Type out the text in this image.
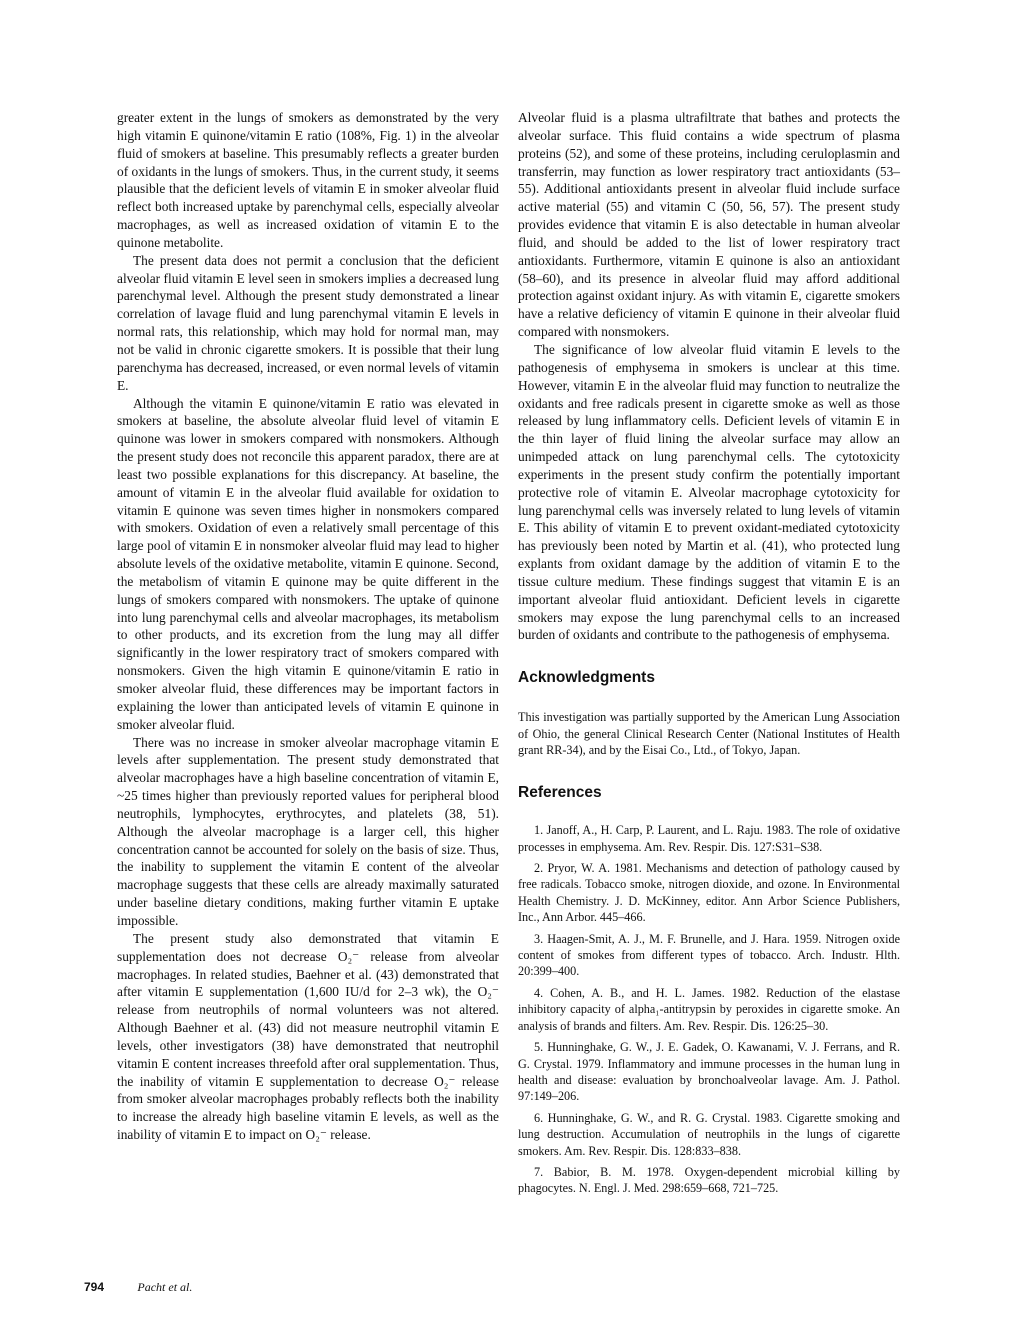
greater extent in the lungs of smokers as demonstrated by the very high vitamin E quinone/vitamin E ratio (108%, Fig. 1) in the alveolar fluid of smokers at baseline. This presumably reflects a greater burden of oxidants in the lungs of smokers. Thus, in the current study, it seems plausible that the deficient levels of vitamin E in smoker alveolar fluid reflect both increased uptake by parenchymal cells, especially alveolar macrophages, as well as increased oxidation of vitamin E to the quinone metabolite.

The present data does not permit a conclusion that the deficient alveolar fluid vitamin E level seen in smokers implies a decreased lung parenchymal level. Although the present study demonstrated a linear correlation of lavage fluid and lung parenchymal vitamin E levels in normal rats, this relationship, which may hold for normal man, may not be valid in chronic cigarette smokers. It is possible that their lung parenchyma has decreased, increased, or even normal levels of vitamin E.

Although the vitamin E quinone/vitamin E ratio was elevated in smokers at baseline, the absolute alveolar fluid level of vitamin E quinone was lower in smokers compared with nonsmokers. Although the present study does not reconcile this apparent paradox, there are at least two possible explanations for this discrepancy. At baseline, the amount of vitamin E in the alveolar fluid available for oxidation to vitamin E quinone was seven times higher in nonsmokers compared with smokers. Oxidation of even a relatively small percentage of this large pool of vitamin E in nonsmoker alveolar fluid may lead to higher absolute levels of the oxidative metabolite, vitamin E quinone. Second, the metabolism of vitamin E quinone may be quite different in the lungs of smokers compared with nonsmokers. The uptake of quinone into lung parenchymal cells and alveolar macrophages, its metabolism to other products, and its excretion from the lung may all differ significantly in the lower respiratory tract of smokers compared with nonsmokers. Given the high vitamin E quinone/vitamin E ratio in smoker alveolar fluid, these differences may be important factors in explaining the lower than anticipated levels of vitamin E quinone in smoker alveolar fluid.

There was no increase in smoker alveolar macrophage vitamin E levels after supplementation. The present study demonstrated that alveolar macrophages have a high baseline concentration of vitamin E, ~25 times higher than previously reported values for peripheral blood neutrophils, lymphocytes, erythrocytes, and platelets (38, 51). Although the alveolar macrophage is a larger cell, this higher concentration cannot be accounted for solely on the basis of size. Thus, the inability to supplement the vitamin E content of the alveolar macrophage suggests that these cells are already maximally saturated under baseline dietary conditions, making further vitamin E uptake impossible.

The present study also demonstrated that vitamin E supplementation does not decrease O₂⁻ release from alveolar macrophages. In related studies, Baehner et al. (43) demonstrated that after vitamin E supplementation (1,600 IU/d for 2–3 wk), the O₂⁻ release from neutrophils of normal volunteers was not altered. Although Baehner et al. (43) did not measure neutrophil vitamin E levels, other investigators (38) have demonstrated that neutrophil vitamin E content increases threefold after oral supplementation. Thus, the inability of vitamin E supplementation to decrease O₂⁻ release from smoker alveolar macrophages probably reflects both the inability to increase the already high baseline vitamin E levels, as well as the inability of vitamin E to impact on O₂⁻ release.

Alveolar fluid is a plasma ultrafiltrate that bathes and protects the alveolar surface. This fluid contains a wide spectrum of plasma proteins (52), and some of these proteins, including ceruloplasmin and transferrin, may function as lower respiratory tract antioxidants (53–55). Additional antioxidants present in alveolar fluid include surface active material (55) and vitamin C (50, 56, 57). The present study provides evidence that vitamin E is also detectable in human alveolar fluid, and should be added to the list of lower respiratory tract antioxidants. Furthermore, vitamin E quinone is also an antioxidant (58–60), and its presence in alveolar fluid may afford additional protection against oxidant injury. As with vitamin E, cigarette smokers have a relative deficiency of vitamin E quinone in their alveolar fluid compared with nonsmokers.

The significance of low alveolar fluid vitamin E levels to the pathogenesis of emphysema in smokers is unclear at this time. However, vitamin E in the alveolar fluid may function to neutralize the oxidants and free radicals present in cigarette smoke as well as those released by lung inflammatory cells. Deficient levels of vitamin E in the thin layer of fluid lining the alveolar surface may allow an unimpeded attack on lung parenchymal cells. The cytotoxicity experiments in the present study confirm the potentially important protective role of vitamin E. Alveolar macrophage cytotoxicity for lung parenchymal cells was inversely related to lung levels of vitamin E. This ability of vitamin E to prevent oxidant-mediated cytotoxicity has previously been noted by Martin et al. (41), who protected lung explants from oxidant damage by the addition of vitamin E to the tissue culture medium. These findings suggest that vitamin E is an important alveolar fluid antioxidant. Deficient levels in cigarette smokers may expose the lung parenchymal cells to an increased burden of oxidants and contribute to the pathogenesis of emphysema.

Acknowledgments

This investigation was partially supported by the American Lung Association of Ohio, the general Clinical Research Center (National Institutes of Health grant RR-34), and by the Eisai Co., Ltd., of Tokyo, Japan.

References
1. Janoff, A., H. Carp, P. Laurent, and L. Raju. 1983. The role of oxidative processes in emphysema. Am. Rev. Respir. Dis. 127:S31–S38.
2. Pryor, W. A. 1981. Mechanisms and detection of pathology caused by free radicals. Tobacco smoke, nitrogen dioxide, and ozone. In Environmental Health Chemistry. J. D. McKinney, editor. Ann Arbor Science Publishers, Inc., Ann Arbor. 445–466.
3. Haagen-Smit, A. J., M. F. Brunelle, and J. Hara. 1959. Nitrogen oxide content of smokes from different types of tobacco. Arch. Industr. Hlth. 20:399–400.
4. Cohen, A. B., and H. L. James. 1982. Reduction of the elastase inhibitory capacity of alpha₁-antitrypsin by peroxides in cigarette smoke. An analysis of brands and filters. Am. Rev. Respir. Dis. 126:25–30.
5. Hunninghake, G. W., J. E. Gadek, O. Kawanami, V. J. Ferrans, and R. G. Crystal. 1979. Inflammatory and immune processes in the human lung in health and disease: evaluation by bronchoalveolar lavage. Am. J. Pathol. 97:149–206.
6. Hunninghake, G. W., and R. G. Crystal. 1983. Cigarette smoking and lung destruction. Accumulation of neutrophils in the lungs of cigarette smokers. Am. Rev. Respir. Dis. 128:833–838.
7. Babior, B. M. 1978. Oxygen-dependent microbial killing by phagocytes. N. Engl. J. Med. 298:659–668, 721–725.
794	Pacht et al.
